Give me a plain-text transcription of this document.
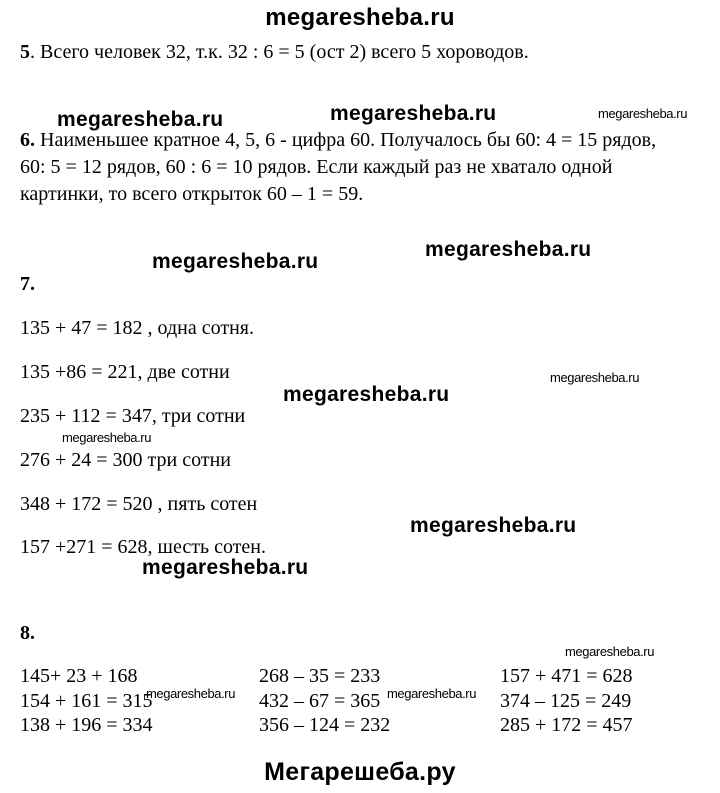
megaresheba.ru
5. Всего человек 32, т.к. 32 : 6 = 5 (ост 2) всего 5 хороводов.
megaresheba.ru	megaresheba.ru	megaresheba.ru
6. Наименьшее кратное 4, 5, 6 - цифра 60. Получалось бы 60: 4 = 15 рядов,
60: 5 = 12 рядов, 60 : 6 = 10 рядов. Если каждый раз не хватало одной
картинки, то всего открыток 60 – 1 = 59.
megaresheba.ru
megaresheba.ru
7.
135 + 47 = 182 , одна сотня.
135 +86 = 221, две сотни	megaresheba.ru
megaresheba.ru
235 + 112 = 347, три сотни
megaresheba.ru
276 + 24 = 300 три сотни
348 + 172 = 520 , пять сотен
megaresheba.ru
157 +271 = 628, шесть сотен.
megaresheba.ru
8.
megaresheba.ru
145+ 23 + 168	268 – 35 = 233	157 + 471 = 628
154 + 161 = 315	432 – 67 = 365	374 – 125 = 249
megaresheba.ru	megaresheba.ru
138 + 196 = 334	356 – 124 = 232	285 + 172 = 457
Мегарешеба.ру
